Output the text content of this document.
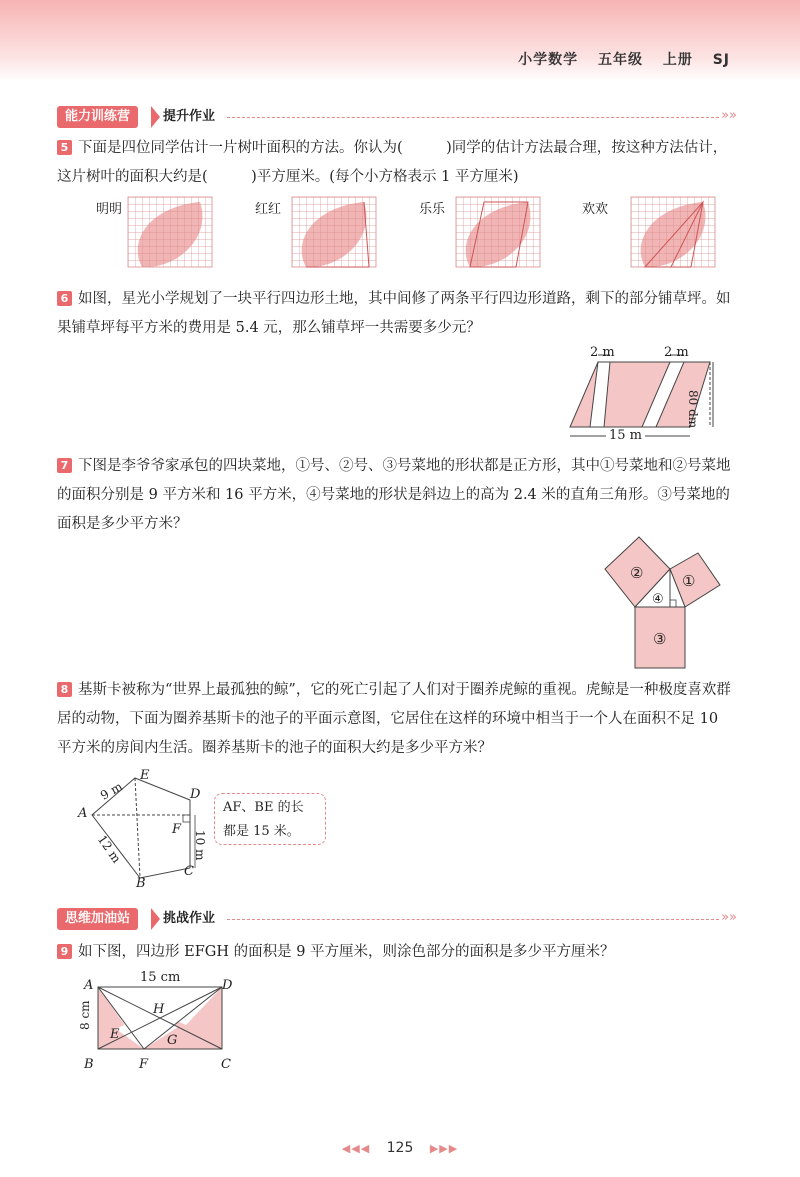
小学数学 五年级 上册 SJ
能力训练营	提升作业	»»
5 下面是四位同学估计一片树叶面积的方法。你认为(　　　)同学的估计方法最合理，按这种方法估计，这片树叶的面积大约是(　　　)平方厘米。(每个小方格表示 1 平方厘米)
明明	红红	乐乐	欢欢
6 如图，星光小学规划了一块平行四边形土地，其中间修了两条平行四边形道路，剩下的部分铺草坪。如果铺草坪每平方米的费用是 5.4 元，那么铺草坪一共需要多少元？
2 m	2 m
15 m
80 dm
7 下图是李爷爷家承包的四块菜地，①号、②号、③号菜地的形状都是正方形，其中①号菜地和②号菜地的面积分别是 9 平方米和 16 平方米，④号菜地的形状是斜边上的高为 2.4 米的直角三角形。③号菜地的面积是多少平方米？
①
②
③
④
8 基斯卡被称为“世界上最孤独的鲸”，它的死亡引起了人们对于圈养虎鲸的重视。虎鲸是一种极度喜欢群居的动物，下面为圈养基斯卡的池子的平面示意图，它居住在这样的环境中相当于一个人在面积不足 10 平方米的房间内生活。圈养基斯卡的池子的面积大约是多少平方米？
E
D
A
F
C
B
9 m
12 m	10 m
AF、BE 的长
都是 15 米。
思维加油站	挑战作业	»»
9 如下图，四边形 EFGH 的面积是 9 平方厘米，则涂色部分的面积是多少平方厘米？
15 cm
8 cm
A	D
B	F	C
E
H
G
◀◀◀ 125 ▶▶▶
